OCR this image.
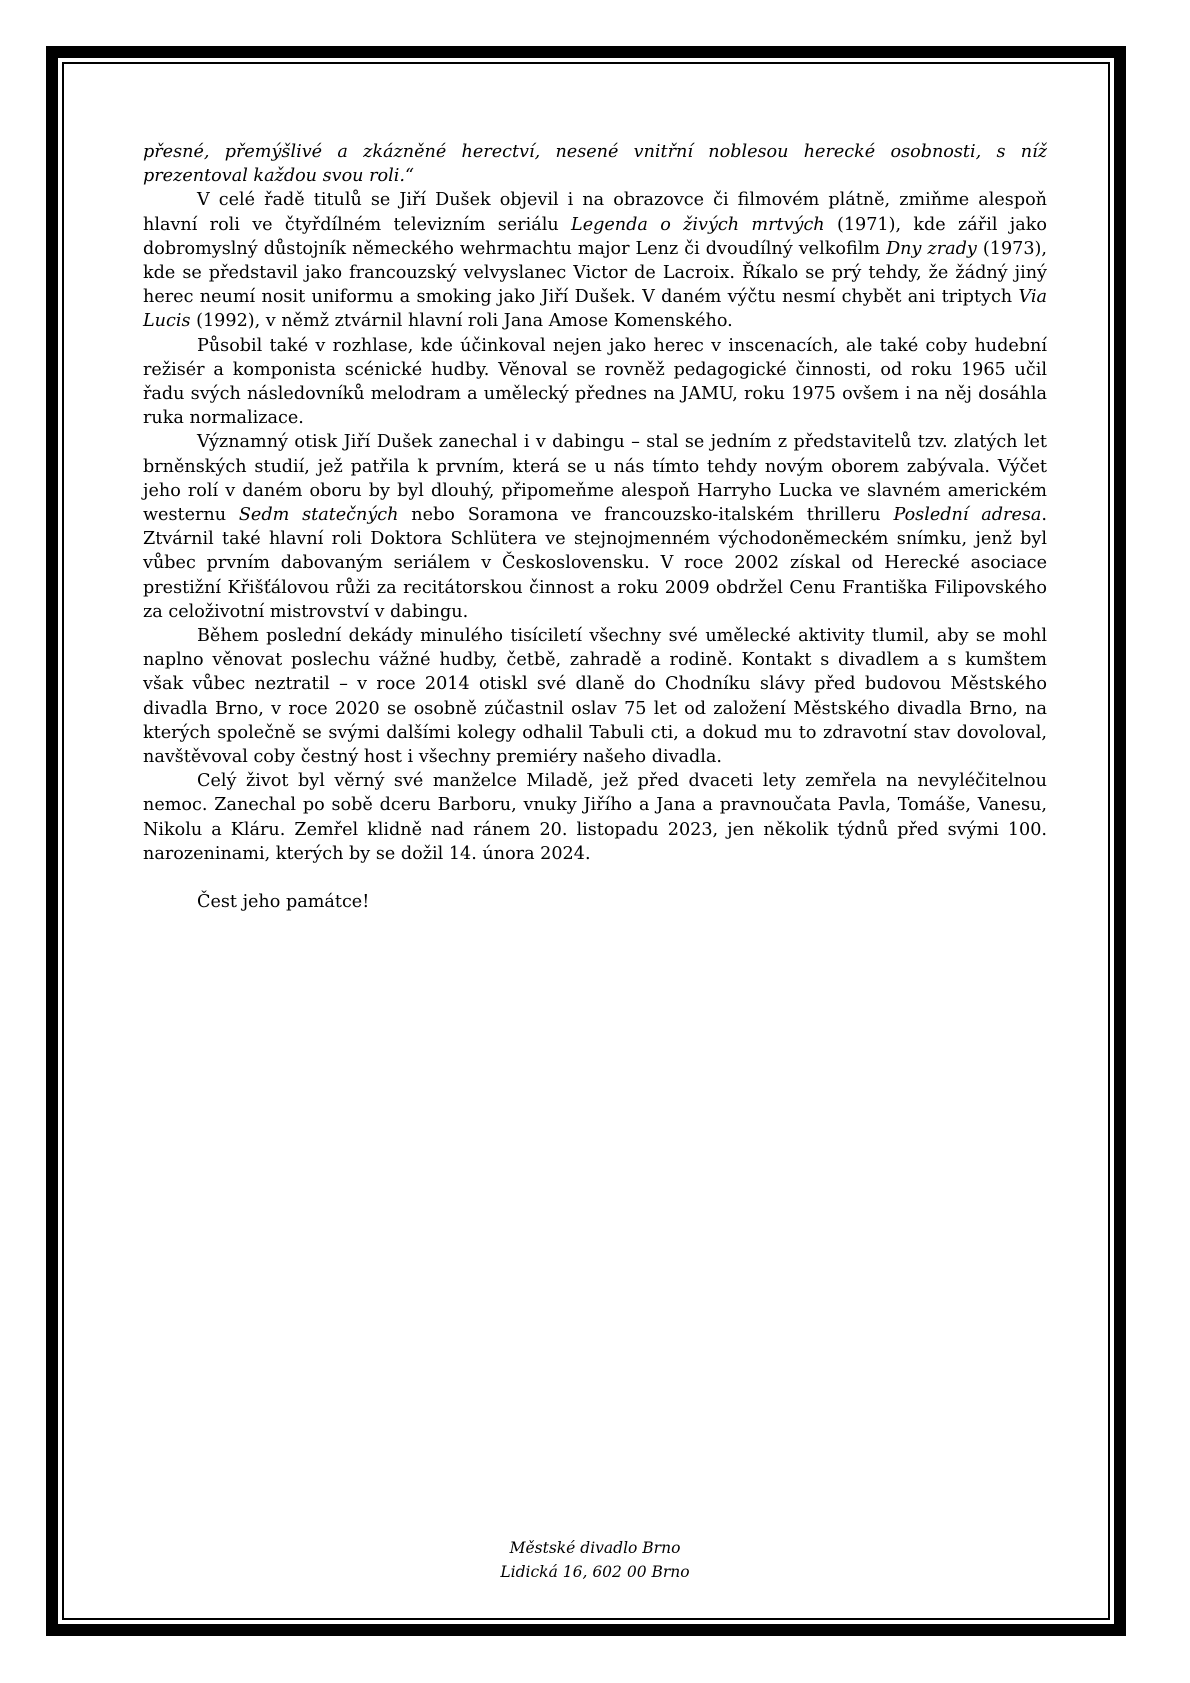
přesné, přemýšlivé a zkázněné herectví, nesené vnitřní noblesou herecké osobnosti, s níž prezentoval každou svou roli.“

V celé řadě titulů se Jiří Dušek objevil i na obrazovce či filmovém plátně, zmiňme alespoň hlavní roli ve čtyřdílném televizním seriálu Legenda o živých mrtvých (1971), kde zářil jako dobromyslný důstojník německého wehrmachtu major Lenz či dvoudílný velkofilm Dny zrady (1973), kde se představil jako francouzský velvyslanec Victor de Lacroix. Říkalo se prý tehdy, že žádný jiný herec neumí nosit uniformu a smoking jako Jiří Dušek. V daném výčtu nesmí chybět ani triptych Via Lucis (1992), v němž ztvárnil hlavní roli Jana Amose Komenského.

Působil také v rozhlase, kde účinkoval nejen jako herec v inscenacích, ale také coby hudební režisér a komponista scénické hudby. Věnoval se rovněž pedagogické činnosti, od roku 1965 učil řadu svých následovníků melodram a umělecký přednes na JAMU, roku 1975 ovšem i na něj dosáhla ruka normalizace.

Významný otisk Jiří Dušek zanechal i v dabingu – stal se jedním z představitelů tzv. zlatých let brněnských studií, jež patřila k prvním, která se u nás tímto tehdy novým oborem zabývala. Výčet jeho rolí v daném oboru by byl dlouhý, připomeňme alespoň Harryho Lucka ve slavném americkém westernu Sedm statečných nebo Soramona ve francouzsko-italském thrilleru Poslední adresa. Ztvárnil také hlavní roli Doktora Schlütera ve stejnojmenném východoněmeckém snímku, jenž byl vůbec prvním dabovaným seriálem v Československu. V roce 2002 získal od Herecké asociace prestižní Křišťálovou růži za recitátorskou činnost a roku 2009 obdržel Cenu Františka Filipovského za celoživotní mistrovství v dabingu.

Během poslední dekády minulého tisíciletí všechny své umělecké aktivity tlumil, aby se mohl naplno věnovat poslechu vážné hudby, četbě, zahradě a rodině. Kontakt s divadlem a s kumštem však vůbec neztratil – v roce 2014 otiskl své dlaně do Chodníku slávy před budovou Městského divadla Brno, v roce 2020 se osobně zúčastnil oslav 75 let od založení Městského divadla Brno, na kterých společně se svými dalšími kolegy odhalil Tabuli cti, a dokud mu to zdravotní stav dovoloval, navštěvoval coby čestný host i všechny premiéry našeho divadla.

Celý život byl věrný své manželce Miladě, jež před dvaceti lety zemřela na nevyléčitelnou nemoc. Zanechal po sobě dceru Barboru, vnuky Jiřího a Jana a pravnoučata Pavla, Tomáše, Vanesu, Nikolu a Kláru. Zemřel klidně nad ránem 20. listopadu 2023, jen několik týdnů před svými 100. narozeninami, kterých by se dožil 14. února 2024.

Čest jeho památce!

Městské divadlo Brno
Lidická 16, 602 00 Brno
